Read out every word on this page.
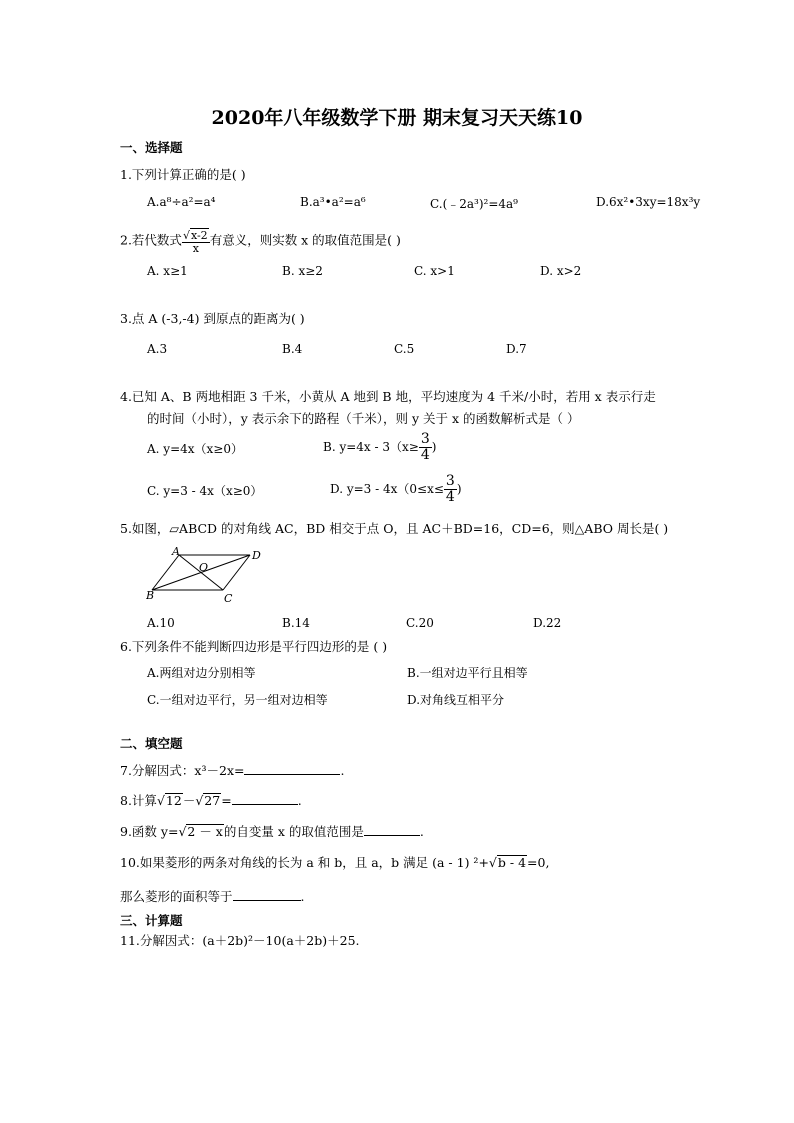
2020年八年级数学下册 期末复习天天练10
一、选择题
1.下列计算正确的是( )
A.a⁸÷a²=a⁴	B.a³•a²=a⁶	C.(﹣2a³)²=4a⁹	D.6x²•3xy=18x³y
2.若代数式 $\frac{√x-2}{x}$ 有意义，则实数 x 的取值范围是( )
A. x≥1	B. x≥2	C. x>1	D. x>2
3.点 A (-3,-4) 到原点的距离为( )
A.3	B.4	C.5	D.7
4.已知 A、B 两地相距 3 千米，小黄从 A 地到 B 地，平均速度为 4 千米/小时，若用 x 表示行走
的时间（小时），y 表示余下的路程（千米），则 y 关于 x 的函数解析式是（ ）
A. y=4x（x≥0）	B. $y=4x - 3(x\ge \frac{3}{4}$ )
C. y=3 - 4x（x≥0）	D. $y=3 - 4x(0\le x\le \frac{3}{4}$ )
5.如图，▱ABCD 的对角线 AC，BD 相交于点 O，且 AC＋BD=16，CD=6，则△ABO 周长是( )
A	D
B	C
O
A.10	B.14	C.20	D.22
6.下列条件不能判断四边形是平行四边形的是 ( )
A.两组对边分别相等	B.一组对边平行且相等
C.一组对边平行，另一组对边相等	D.对角线互相平分
二、填空题
7.分解因式：x³－2x=	.
8.计算√12－√27=	.
9.函数 y=√2 － x的自变量 x 的取值范围是	.
10.如果菱形的两条对角线的长为 a 和 b，且 a，b 满足 (a - 1) ²+√b - 4=0,
那么菱形的面积等于	.
三、计算题
11.分解因式：(a＋2b)²－10(a＋2b)＋25.
